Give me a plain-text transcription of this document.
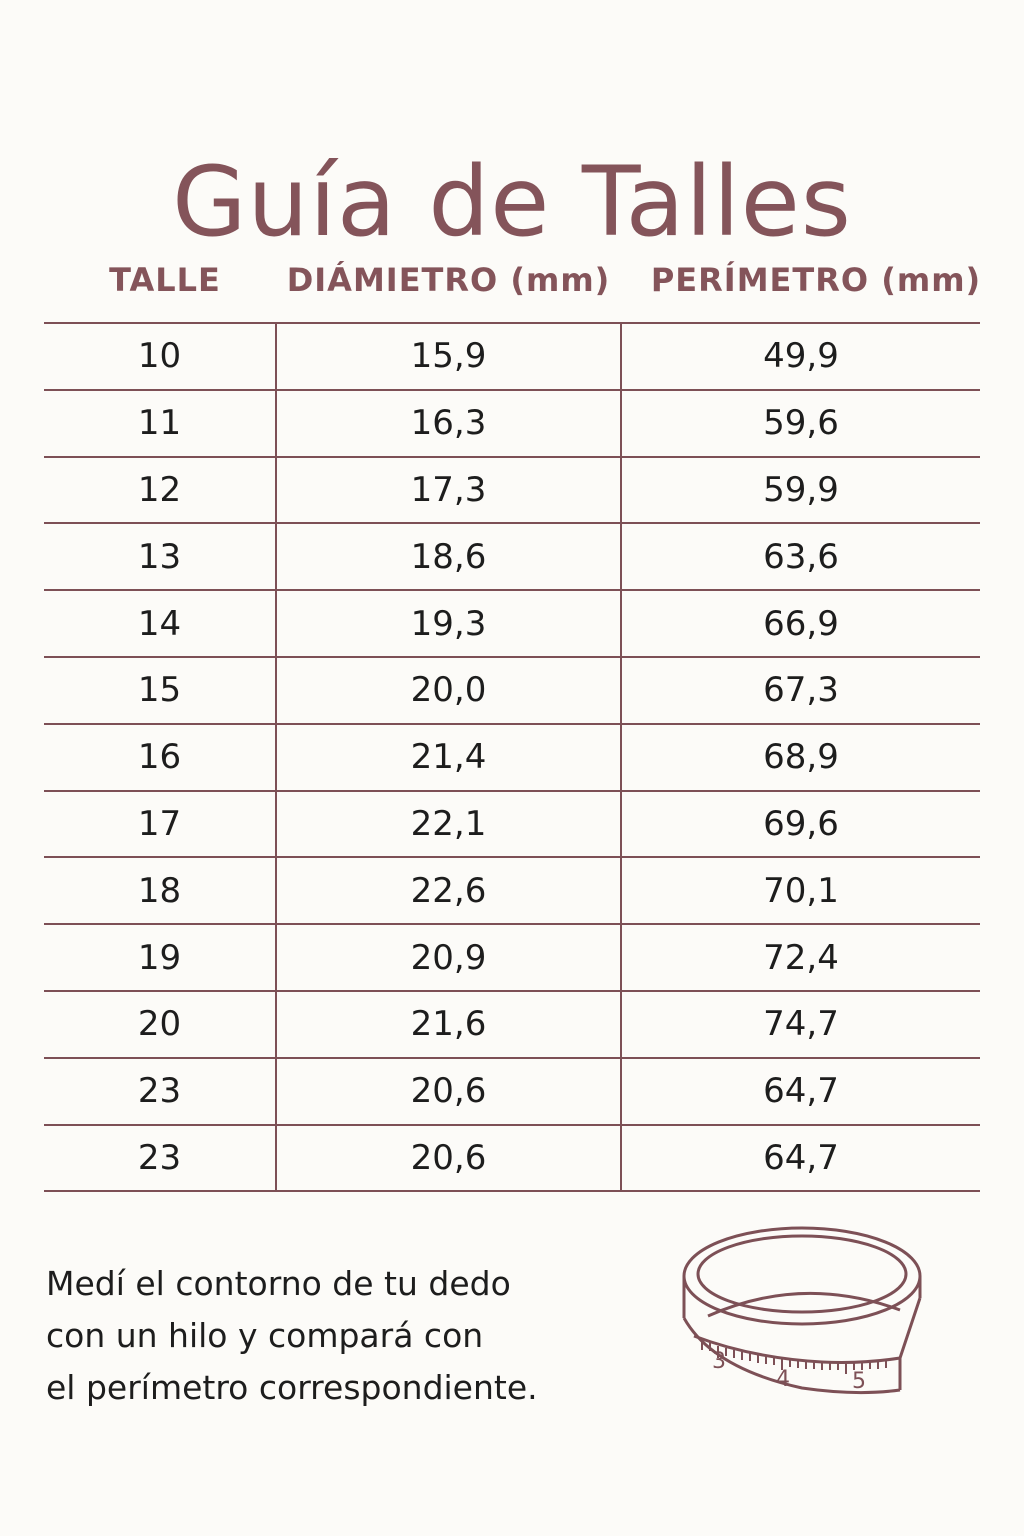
Guía de Talles
TALLE	DIÁMIETRO (mm)	PERÍMETRO (mm)
10	15,9	49,9
11	16,3	59,6
12	17,3	59,9
13	18,6	63,6
14	19,3	66,9
15	20,0	67,3
16	21,4	68,9
17	22,1	69,6
18	22,6	70,1
19	20,9	72,4
20	21,6	74,7
23	20,6	64,7
23	20,6	64,7
Medí el contorno de tu dedo
con un hilo y compará con
el perímetro correspondiente.
3
4	5
